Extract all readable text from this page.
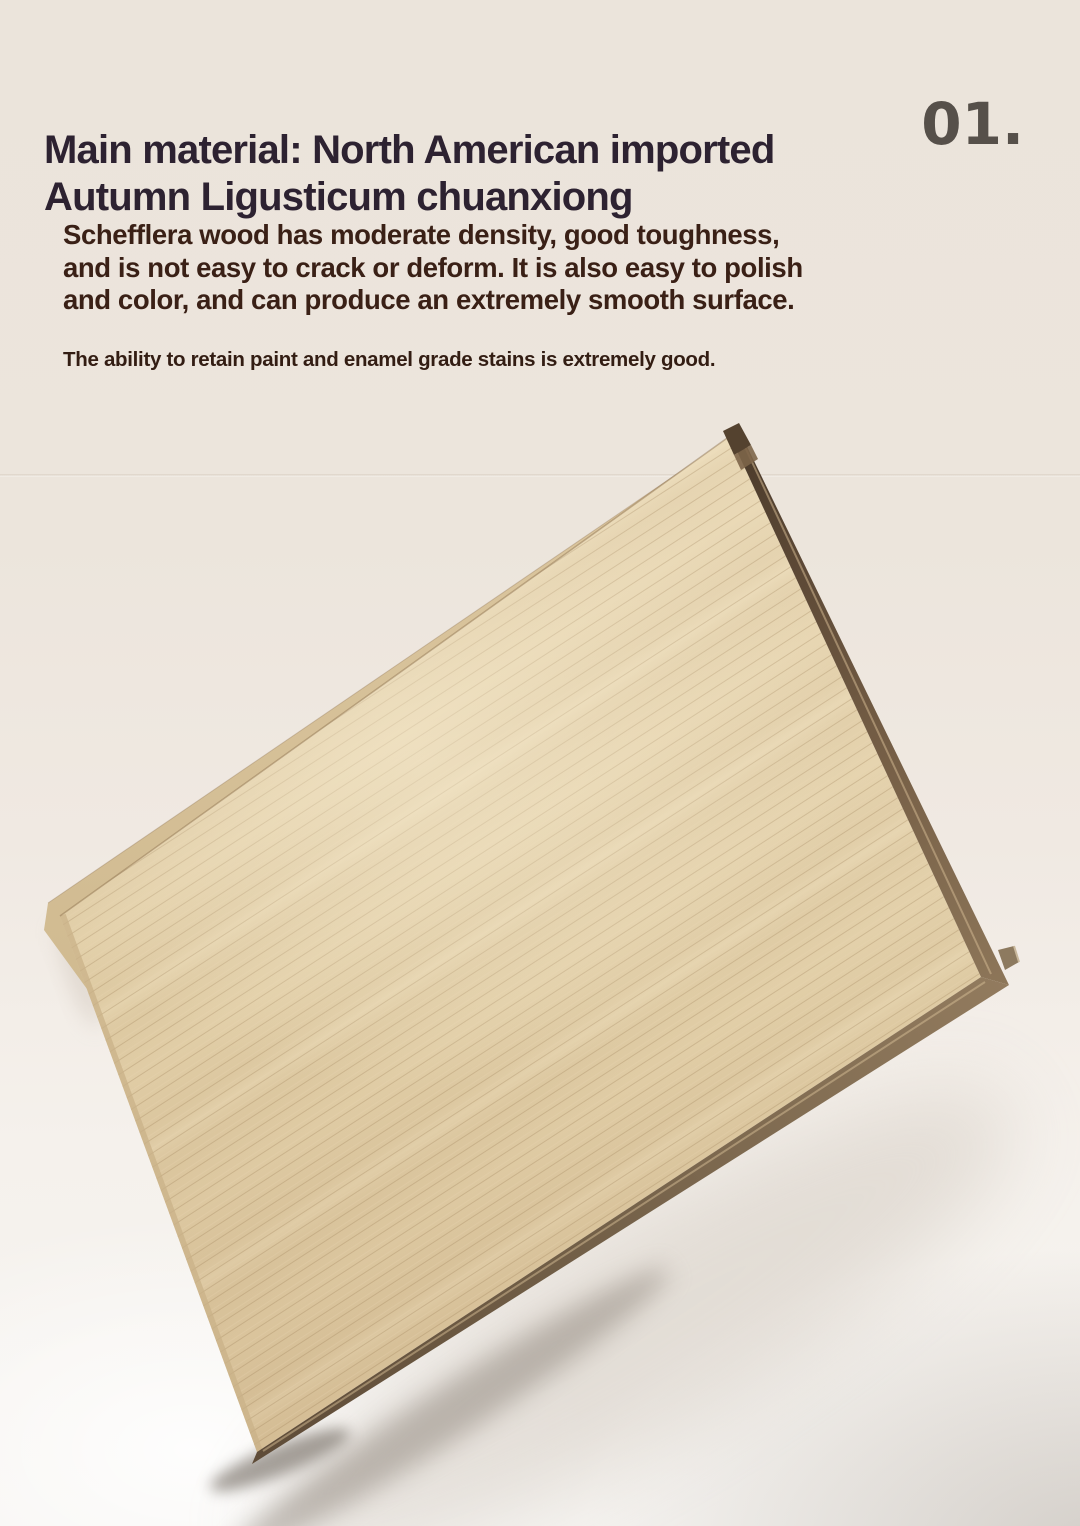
Main material: North American imported
Autumn Ligusticum chuanxiong
01.
Schefflera wood has moderate density, good toughness,
and is not easy to crack or deform. It is also easy to polish
and color, and can produce an extremely smooth surface.
The ability to retain paint and enamel grade stains is extremely good.
